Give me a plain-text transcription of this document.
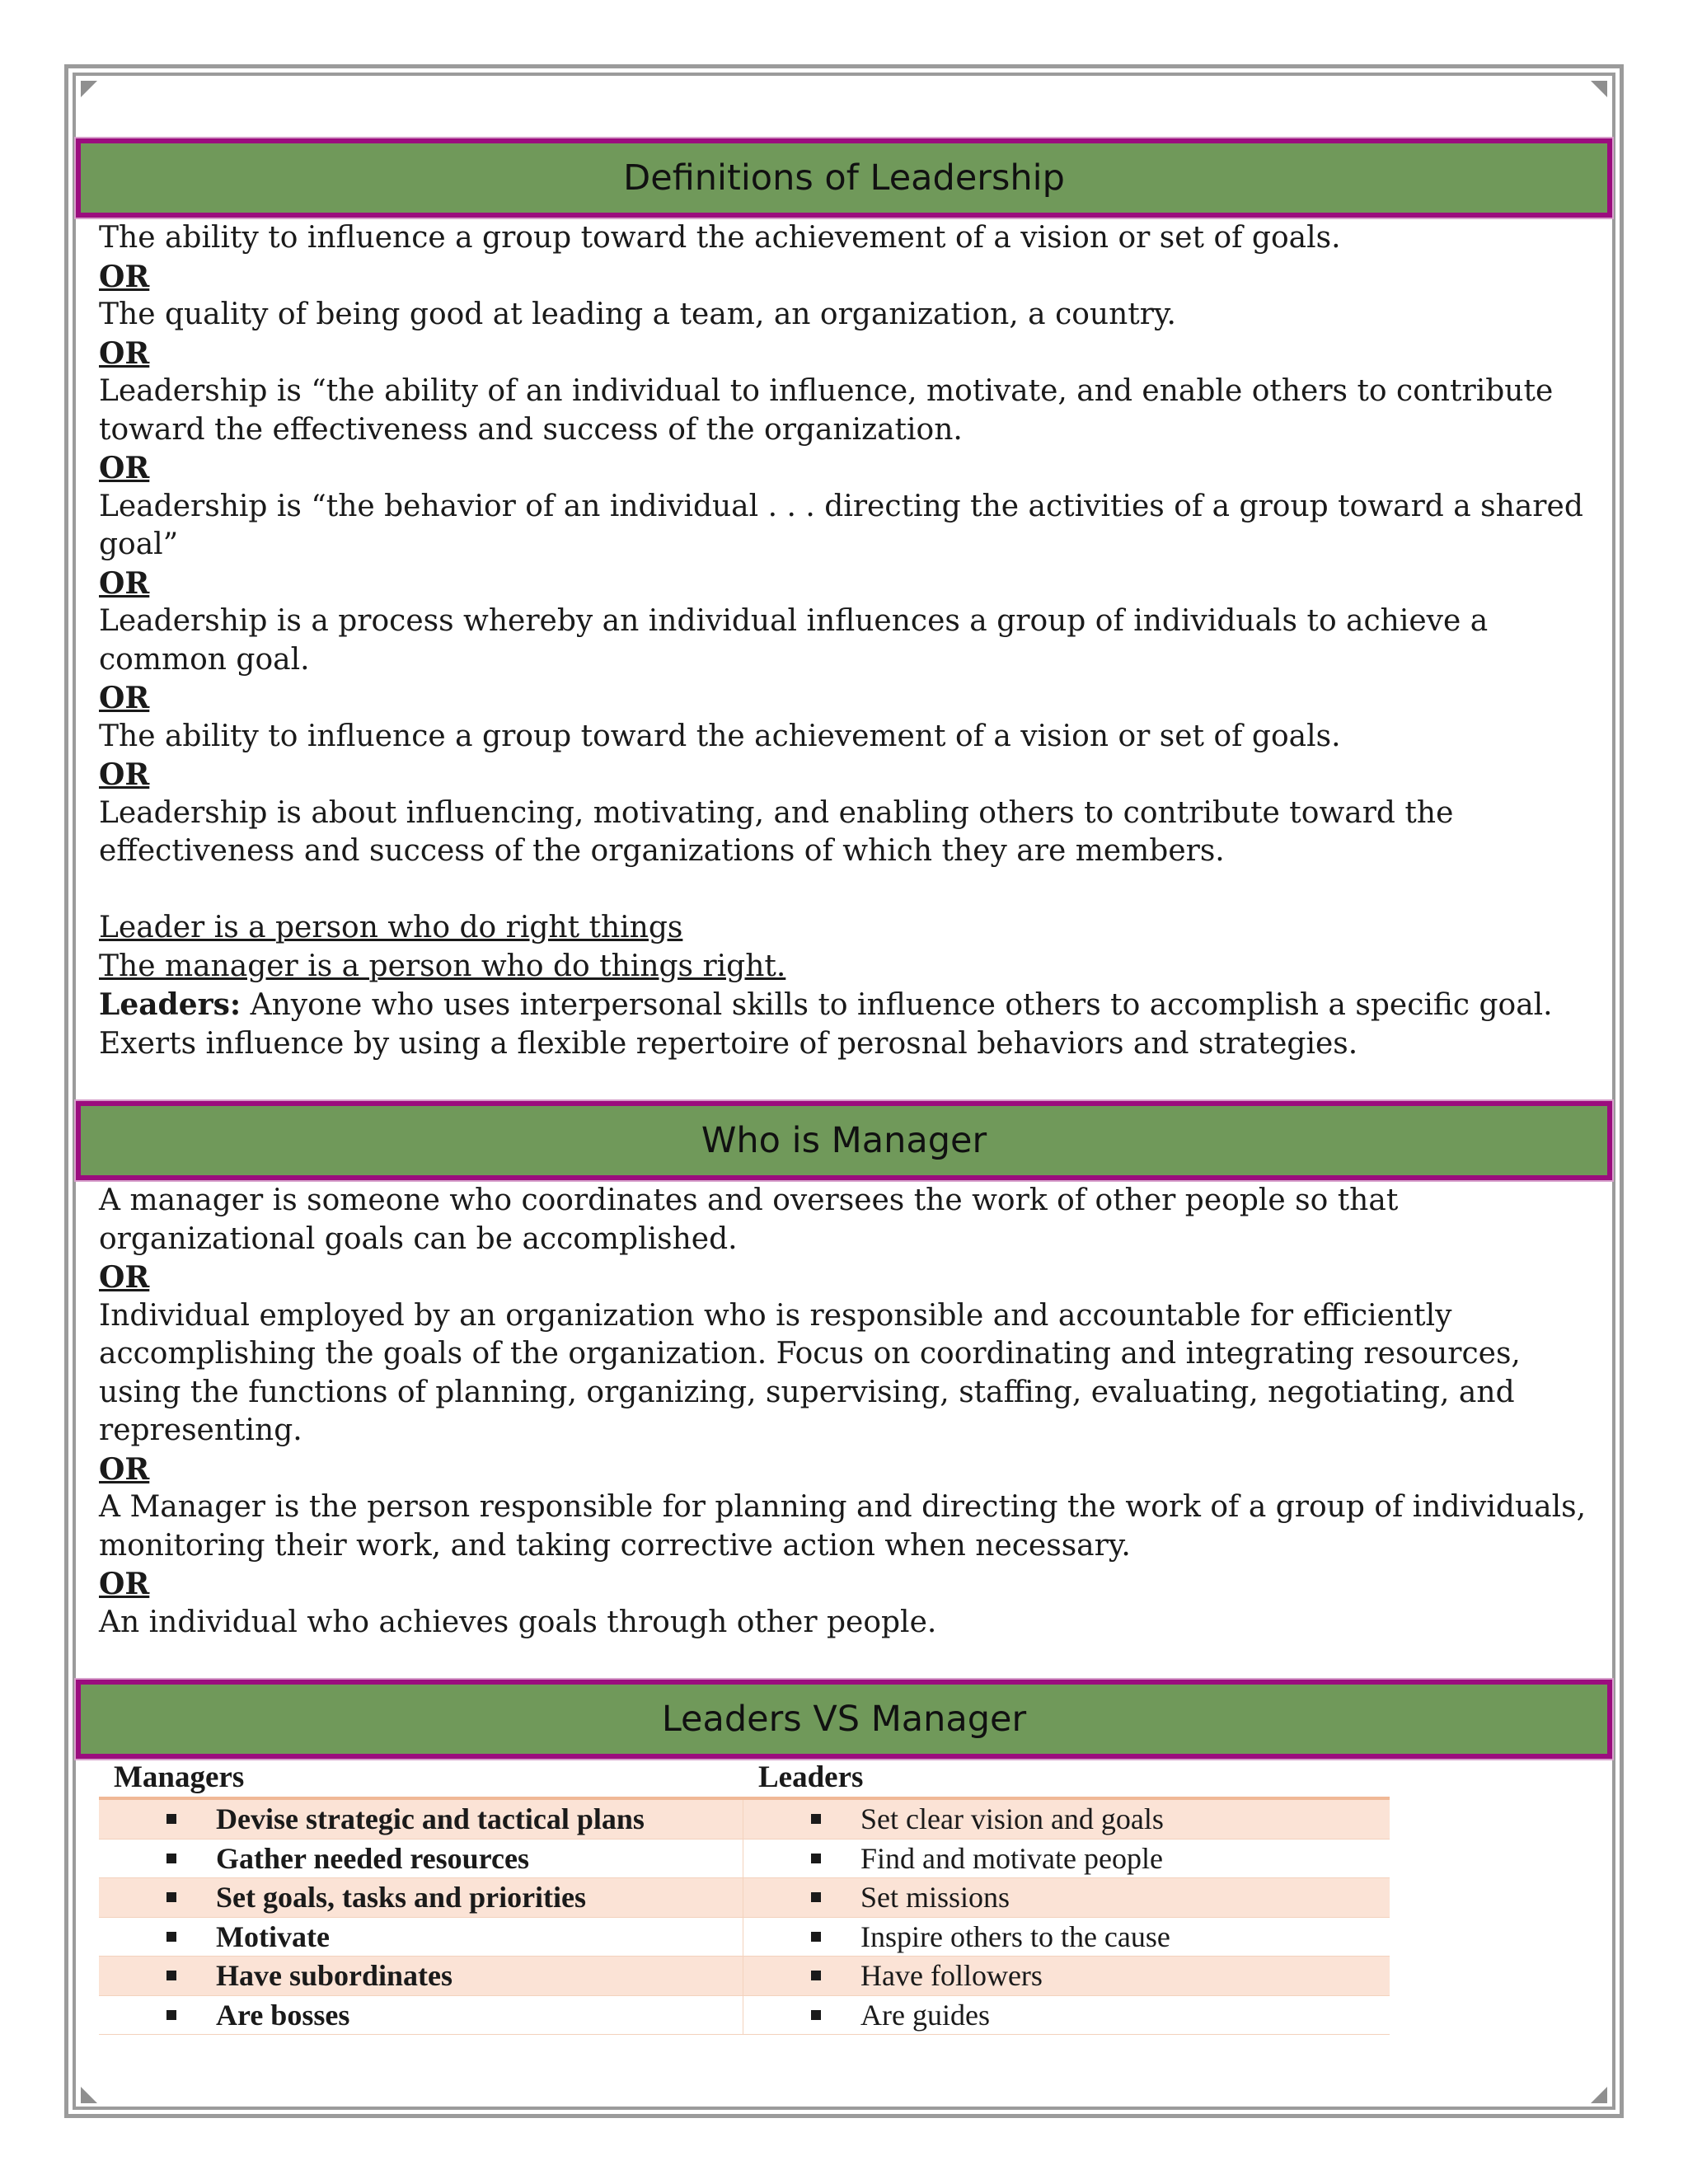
Definitions of Leadership

The ability to influence a group toward the achievement of a vision or set of goals.

OR

The quality of being good at leading a team, an organization, a country.

OR

Leadership is “the ability of an individual to influence, motivate, and enable others to contribute toward the effectiveness and success of the organization.

OR

Leadership is “the behavior of an individual . . . directing the activities of a group toward a shared goal”

OR

Leadership is a process whereby an individual influences a group of individuals to achieve a common goal.

OR

The ability to influence a group toward the achievement of a vision or set of goals.

OR

Leadership is about influencing, motivating, and enabling others to contribute toward the effectiveness and success of the organizations of which they are members.

Leader is a person who do right things

The manager is a person who do things right.

Leaders: Anyone who uses interpersonal skills to influence others to accomplish a specific goal. Exerts influence by using a flexible repertoire of perosnal behaviors and strategies.

Who is Manager

A manager is someone who coordinates and oversees the work of other people so that organizational goals can be accomplished.

OR

Individual employed by an organization who is responsible and accountable for efficiently accomplishing the goals of the organization. Focus on coordinating and integrating resources, using the functions of planning, organizing, supervising, staffing, evaluating, negotiating, and representing.

OR

A Manager is the person responsible for planning and directing the work of a group of individuals, monitoring their work, and taking corrective action when necessary.

OR

An individual who achieves goals through other people.

Leaders VS Manager
Managers	Leaders
Devise strategic and tactical plans	Set clear vision and goals
Gather needed resources	Find and motivate people
Set goals, tasks and priorities	Set missions
Motivate	Inspire others to the cause
Have subordinates	Have followers
Are bosses	Are guides
